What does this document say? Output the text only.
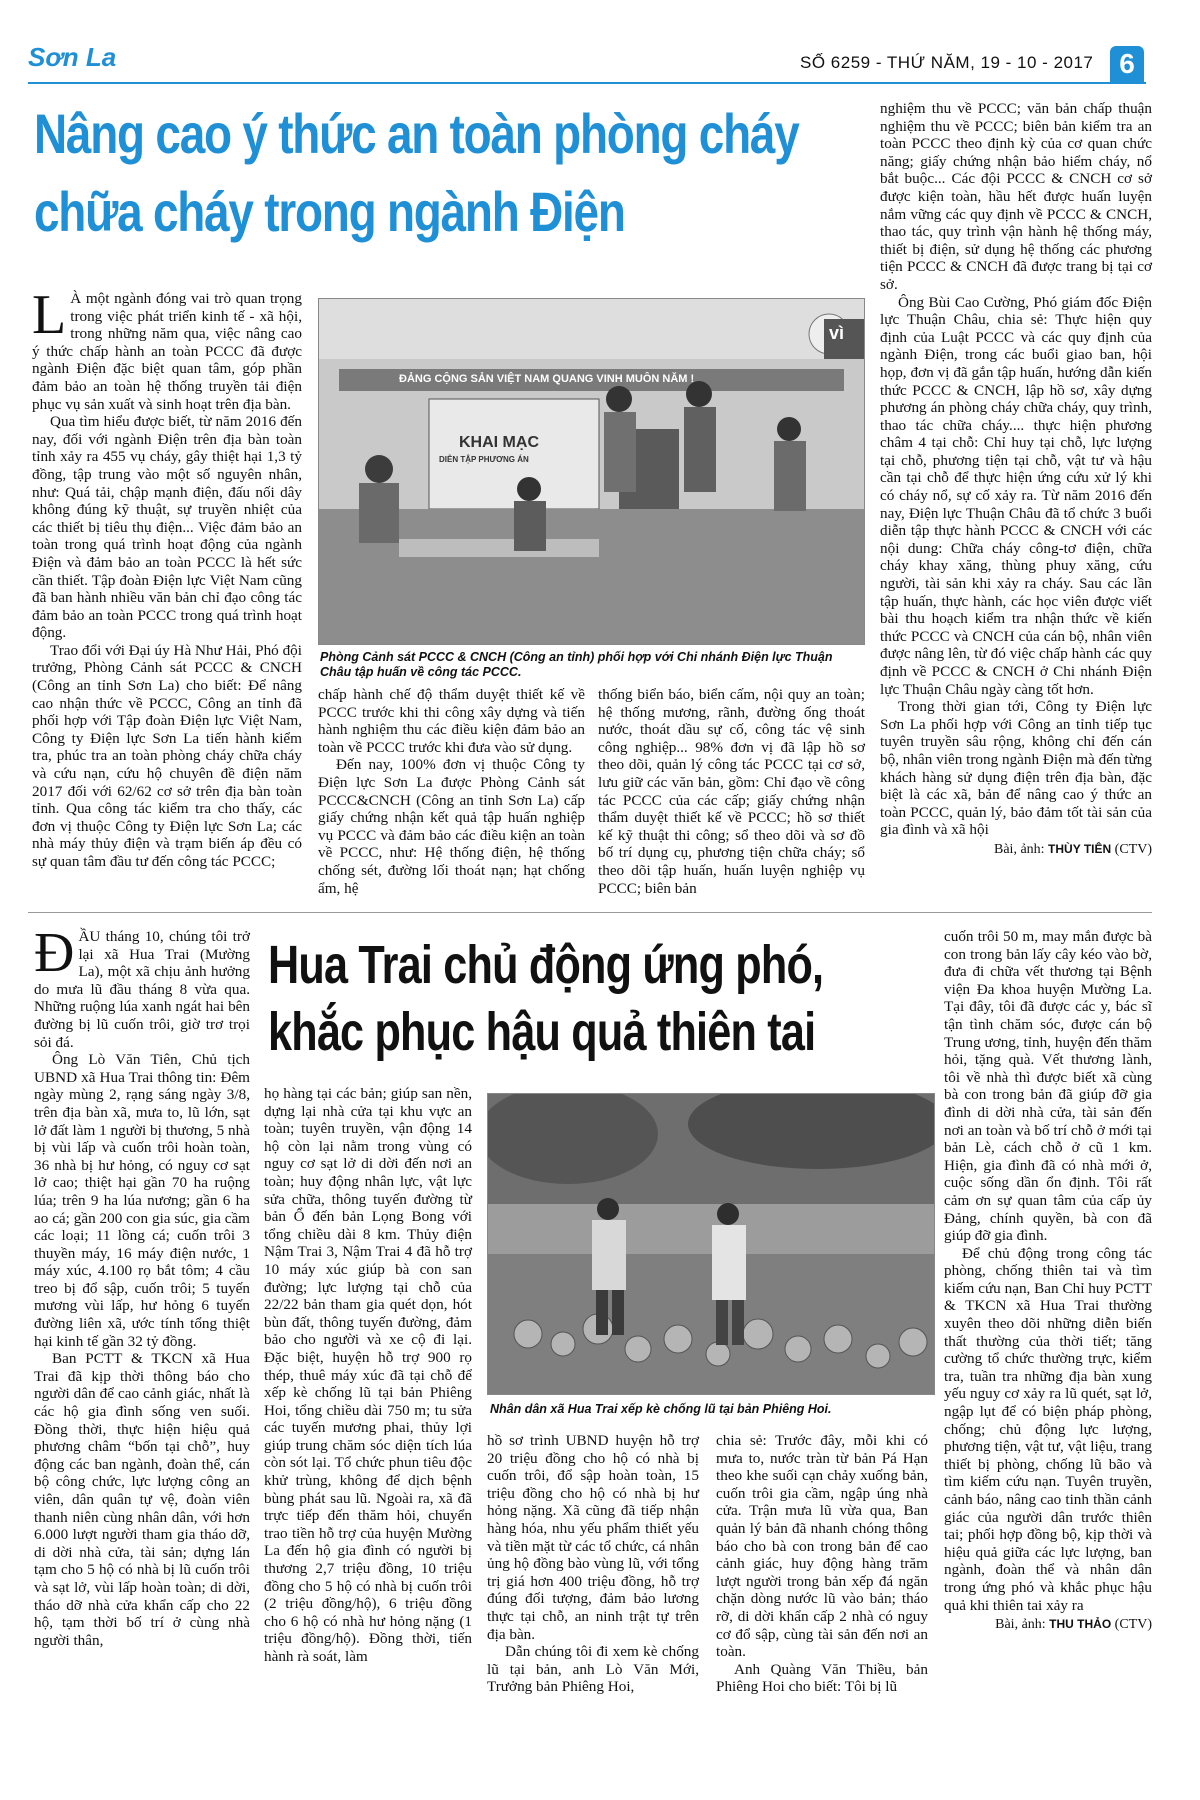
Sơn La	SỐ 6259 - THỨ NĂM, 19 - 10 - 2017 6
Nâng cao ý thức an toàn phòng cháy
chữa cháy trong ngành Điện
L À một ngành đóng vai trò quan trọng trong việc phát triển kinh tế - xã hội, trong những năm qua, việc nâng cao ý thức chấp hành an toàn PCCC đã được ngành Điện đặc biệt quan tâm, góp phần đảm bảo an toàn hệ thống truyền tải điện phục vụ sản xuất và sinh hoạt trên địa bàn.

Qua tìm hiểu được biết, từ năm 2016 đến nay, đối với ngành Điện trên địa bàn toàn tỉnh xảy ra 455 vụ cháy, gây thiệt hại 1,3 tỷ đồng, tập trung vào một số nguyên nhân, như: Quá tải, chập mạnh điện, đấu nối dây không đúng kỹ thuật, sự truyền nhiệt của các thiết bị tiêu thụ điện... Việc đảm bảo an toàn trong quá trình hoạt động của ngành Điện và đảm bảo an toàn PCCC là hết sức cần thiết. Tập đoàn Điện lực Việt Nam cũng đã ban hành nhiều văn bản chỉ đạo công tác đảm bảo an toàn PCCC trong quá trình hoạt động.

Trao đổi với Đại úy Hà Như Hải, Phó đội trưởng, Phòng Cảnh sát PCCC & CNCH (Công an tỉnh Sơn La) cho biết: Để nâng cao nhận thức về PCCC, Công an tỉnh đã phối hợp với Tập đoàn Điện lực Việt Nam, Công ty Điện lực Sơn La tiến hành kiểm tra, phúc tra an toàn phòng cháy chữa cháy và cứu nạn, cứu hộ chuyên đề điện năm 2017 đối với 62/62 cơ sở trên địa bàn toàn tỉnh. Qua công tác kiểm tra cho thấy, các đơn vị thuộc Công ty Điện lực Sơn La; các nhà máy thủy điện và trạm biến áp đều có sự quan tâm đầu tư đến công tác PCCC;

ĐẢNG CỘNG SẢN VIỆT NAM QUANG VINH MUÔN NĂM !
KHAI MẠC
DIỄN TẬP PHƯƠNG ÁN
vì
Phòng Cảnh sát PCCC & CNCH (Công an tỉnh) phối hợp với Chi nhánh Điện lực Thuận Châu tập huấn về công tác PCCC.

chấp hành chế độ thẩm duyệt thiết kế về PCCC trước khi thi công xây dựng và tiến hành nghiệm thu các điều kiện đảm bảo an toàn về PCCC trước khi đưa vào sử dụng.

Đến nay, 100% đơn vị thuộc Công ty Điện lực Sơn La được Phòng Cảnh sát PCCC&CNCH (Công an tỉnh Sơn La) cấp giấy chứng nhận kết quả tập huấn nghiệp vụ PCCC và đảm bảo các điều kiện an toàn về PCCC, như: Hệ thống điện, hệ thống chống sét, đường lối thoát nạn; hạt chống ẩm, hệ

thống biển báo, biển cấm, nội quy an toàn; hệ thống mương, rãnh, đường ống thoát nước, thoát dầu sự cố, công tác vệ sinh công nghiệp... 98% đơn vị đã lập hồ sơ theo dõi, quản lý công tác PCCC tại cơ sở, lưu giữ các văn bản, gồm: Chỉ đạo về công tác PCCC của các cấp; giấy chứng nhận thẩm duyệt thiết kế về PCCC; hồ sơ thiết kế kỹ thuật thi công; sổ theo dõi và sơ đồ bố trí dụng cụ, phương tiện chữa cháy; sổ theo dõi tập huấn, huấn luyện nghiệp vụ PCCC; biên bản

nghiệm thu về PCCC; văn bản chấp thuận nghiệm thu về PCCC; biên bản kiểm tra an toàn PCCC theo định kỳ của cơ quan chức năng; giấy chứng nhận bảo hiểm cháy, nổ bắt buộc... Các đội PCCC & CNCH cơ sở được kiện toàn, hầu hết được huấn luyện nắm vững các quy định về PCCC & CNCH, thao tác, quy trình vận hành hệ thống máy, thiết bị điện, sử dụng hệ thống các phương tiện PCCC & CNCH đã được trang bị tại cơ sở.

Ông Bùi Cao Cường, Phó giám đốc Điện lực Thuận Châu, chia sẻ: Thực hiện quy định của Luật PCCC và các quy định của ngành Điện, trong các buổi giao ban, hội họp, đơn vị đã gắn tập huấn, hướng dẫn kiến thức PCCC & CNCH, lập hồ sơ, xây dựng phương án phòng cháy chữa cháy, quy trình, thao tác chữa cháy.... thực hiện phương châm 4 tại chỗ: Chỉ huy tại chỗ, lực lượng tại chỗ, phương tiện tại chỗ, vật tư và hậu cần tại chỗ để thực hiện ứng cứu xử lý khi có cháy nổ, sự cố xảy ra. Từ năm 2016 đến nay, Điện lực Thuận Châu đã tổ chức 3 buổi diễn tập thực hành PCCC & CNCH với các nội dung: Chữa cháy công-tơ điện, chữa cháy khay xăng, thùng phuy xăng, cứu người, tài sản khi xảy ra cháy. Sau các lần tập huấn, thực hành, các học viên được viết bài thu hoạch kiểm tra nhận thức về kiến thức PCCC và CNCH của cán bộ, nhân viên được nâng lên, từ đó việc chấp hành các quy định về PCCC & CNCH ở Chi nhánh Điện lực Thuận Châu ngày càng tốt hơn.

Trong thời gian tới, Công ty Điện lực Sơn La phối hợp với Công an tỉnh tiếp tục tuyên truyền sâu rộng, không chỉ đến cán bộ, nhân viên trong ngành Điện mà đến từng khách hàng sử dụng điện trên địa bàn, đặc biệt là các xã, bản để nâng cao ý thức an toàn PCCC, quản lý, bảo đảm tốt tài sản của gia đình và xã hội

Bài, ảnh: THÙY TIÊN (CTV)
Hua Trai chủ động ứng phó,
khắc phục hậu quả thiên tai
Đ ẦU tháng 10, chúng tôi trở lại xã Hua Trai (Mường La), một xã chịu ảnh hưởng do mưa lũ đầu tháng 8 vừa qua. Những ruộng lúa xanh ngát hai bên đường bị lũ cuốn trôi, giờ trơ trọi sỏi đá.

Ông Lò Văn Tiên, Chủ tịch UBND xã Hua Trai thông tin: Đêm ngày mùng 2, rạng sáng ngày 3/8, trên địa bàn xã, mưa to, lũ lớn, sạt lở đất làm 1 người bị thương, 5 nhà bị vùi lấp và cuốn trôi hoàn toàn, 36 nhà bị hư hỏng, có nguy cơ sạt lở cao; thiệt hại gần 70 ha ruộng lúa; trên 9 ha lúa nương; gần 6 ha ao cá; gần 200 con gia súc, gia cầm các loại; 11 lồng cá; cuốn trôi 3 thuyền máy, 16 máy điện nước, 1 máy xúc, 4.100 rọ bắt tôm; 4 cầu treo bị đổ sập, cuốn trôi; 5 tuyến mương vùi lấp, hư hỏng 6 tuyến đường liên xã, ước tính tổng thiệt hại kinh tế gần 32 tỷ đồng.

Ban PCTT & TKCN xã Hua Trai đã kịp thời thông báo cho người dân để cao cảnh giác, nhất là các hộ gia đình sống ven suối. Đồng thời, thực hiện hiệu quả phương châm “bốn tại chỗ”, huy động các ban ngành, đoàn thể, cán bộ công chức, lực lượng công an viên, dân quân tự vệ, đoàn viên thanh niên cùng nhân dân, với hơn 6.000 lượt người tham gia tháo dỡ, di dời nhà cửa, tài sản; dựng lán tạm cho 5 hộ có nhà bị lũ cuốn trôi và sạt lở, vùi lấp hoàn toàn; di dời, tháo dỡ nhà cửa khẩn cấp cho 22 hộ, tạm thời bố trí ở cùng nhà người thân,

họ hàng tại các bản; giúp san nền, dựng lại nhà cửa tại khu vực an toàn; tuyên truyền, vận động 14 hộ còn lại nằm trong vùng có nguy cơ sạt lở di dời đến nơi an toàn; huy động nhân lực, vật lực sửa chữa, thông tuyến đường từ bản Ổ đến bản Lọng Bong với tổng chiều dài 8 km. Thủy điện Nậm Trai 3, Nậm Trai 4 đã hỗ trợ 10 máy xúc giúp bà con san đường; lực lượng tại chỗ của 22/22 bản tham gia quét dọn, hót bùn đất, thông tuyến đường, đảm bảo cho người và xe cộ đi lại. Đặc biệt, huyện hỗ trợ 900 rọ thép, thuê máy xúc đã tại chỗ để xếp kè chống lũ tại bản Phiêng Hoi, tổng chiều dài 750 m; tu sửa các tuyến mương phai, thủy lợi giúp trung chăm sóc diện tích lúa còn sót lại. Tổ chức phun tiêu độc khử trùng, không để dịch bệnh bùng phát sau lũ. Ngoài ra, xã đã trực tiếp đến thăm hỏi, chuyển trao tiền hỗ trợ của huyện Mường La đến hộ gia đình có người bị thương 2,7 triệu đồng, 10 triệu đồng cho 5 hộ có nhà bị cuốn trôi (2 triệu đồng/hộ), 6 triệu đồng cho 6 hộ có nhà hư hỏng nặng (1 triệu đồng/hộ). Đồng thời, tiến hành rà soát, làm

Nhân dân xã Hua Trai xếp kè chống lũ tại bản Phiêng Hoi.

hồ sơ trình UBND huyện hỗ trợ 20 triệu đồng cho hộ có nhà bị cuốn trôi, đổ sập hoàn toàn, 15 triệu đồng cho hộ có nhà bị hư hỏng nặng. Xã cũng đã tiếp nhận hàng hóa, nhu yếu phẩm thiết yếu và tiền mặt từ các tổ chức, cá nhân ủng hộ đồng bào vùng lũ, với tổng trị giá hơn 400 triệu đồng, hỗ trợ đúng đối tượng, đảm bảo lương thực tại chỗ, an ninh trật tự trên địa bàn.

Dẫn chúng tôi đi xem kè chống lũ tại bản, anh Lò Văn Mới, Trưởng bản Phiêng Hoi,

chia sẻ: Trước đây, mỗi khi có mưa to, nước tràn từ bản Pá Hạn theo khe suối cạn chảy xuống bản, cuốn trôi gia cầm, ngập úng nhà cửa. Trận mưa lũ vừa qua, Ban quản lý bản đã nhanh chóng thông báo cho bà con trong bản để cao cảnh giác, huy động hàng trăm lượt người trong bản xếp đá ngăn chặn dòng nước lũ vào bản; tháo rỡ, di dời khẩn cấp 2 nhà có nguy cơ đổ sập, cùng tài sản đến nơi an toàn.

Anh Quàng Văn Thiều, bản Phiêng Hoi cho biết: Tôi bị lũ

cuốn trôi 50 m, may mắn được bà con trong bản lấy cây kéo vào bờ, đưa đi chữa vết thương tại Bệnh viện Đa khoa huyện Mường La. Tại đây, tôi đã được các y, bác sĩ tận tình chăm sóc, được cán bộ Trung ương, tỉnh, huyện đến thăm hỏi, tặng quà. Vết thương lành, tôi về nhà thì được biết xã cùng bà con trong bản đã giúp đỡ gia đình di dời nhà cửa, tài sản đến nơi an toàn và bố trí chỗ ở mới tại bản Lè, cách chỗ ở cũ 1 km. Hiện, gia đình đã có nhà mới ở, cuộc sống dần ổn định. Tôi rất cảm ơn sự quan tâm của cấp ủy Đảng, chính quyền, bà con đã giúp đỡ gia đình.

Để chủ động trong công tác phòng, chống thiên tai và tìm kiếm cứu nạn, Ban Chỉ huy PCTT & TKCN xã Hua Trai thường xuyên theo dõi những diễn biến thất thường của thời tiết; tăng cường tổ chức thường trực, kiểm tra, tuần tra những địa bàn xung yếu nguy cơ xảy ra lũ quét, sạt lở, ngập lụt để có biện pháp phòng, chống; chủ động lực lượng, phương tiện, vật tư, vật liệu, trang thiết bị phòng, chống lũ bão và tìm kiếm cứu nạn. Tuyên truyền, cảnh báo, nâng cao tinh thần cảnh giác của người dân trước thiên tai; phối hợp đồng bộ, kịp thời và hiệu quả giữa các lực lượng, ban ngành, đoàn thể và nhân dân trong ứng phó và khắc phục hậu quả khi thiên tai xảy ra

Bài, ảnh: THU THẢO (CTV)
